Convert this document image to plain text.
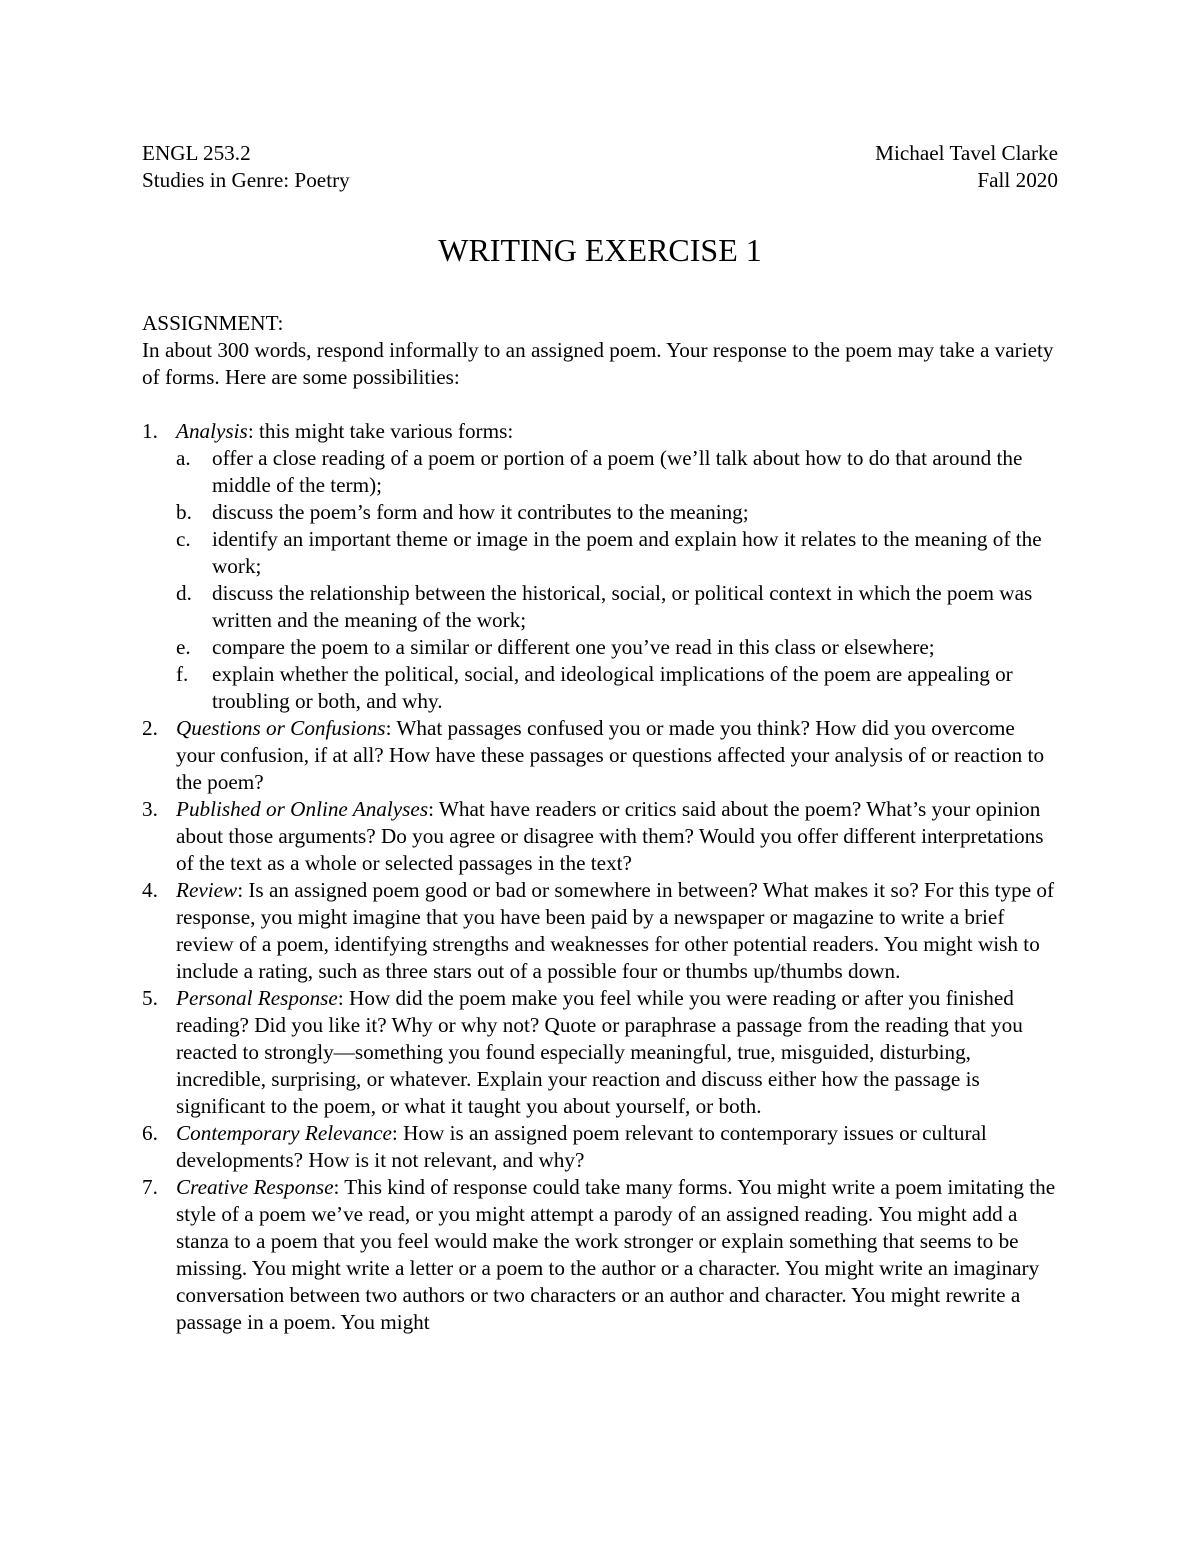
ENGL 253.2	Michael Tavel Clarke
Studies in Genre: Poetry	Fall 2020
WRITING EXERCISE 1

ASSIGNMENT:

In about 300 words, respond informally to an assigned poem. Your response to the poem may take a variety of forms. Here are some possibilities:

1. Analysis: this might take various forms:
a.	offer a close reading of a poem or portion of a poem (we’ll talk about how to do that around the middle of the term);
b. discuss the poem’s form and how it contributes to the meaning;
c.	identify an important theme or image in the poem and explain how it relates to the meaning of the work;
d. discuss the relationship between the historical, social, or political context in which the poem was written and the meaning of the work;
e.	compare the poem to a similar or different one you’ve read in this class or elsewhere;
f.	explain whether the political, social, and ideological implications of the poem are appealing or troubling or both, and why.
2. Questions or Confusions: What passages confused you or made you think? How did you overcome your confusion, if at all? How have these passages or questions affected your analysis of or reaction to the poem?
3. Published or Online Analyses: What have readers or critics said about the poem? What’s your opinion about those arguments? Do you agree or disagree with them? Would you offer different interpretations of the text as a whole or selected passages in the text?
4. Review: Is an assigned poem good or bad or somewhere in between? What makes it so? For this type of response, you might imagine that you have been paid by a newspaper or magazine to write a brief review of a poem, identifying strengths and weaknesses for other potential readers. You might wish to include a rating, such as three stars out of a possible four or thumbs up/thumbs down.
5. Personal Response: How did the poem make you feel while you were reading or after you finished reading? Did you like it? Why or why not? Quote or paraphrase a passage from the reading that you reacted to strongly—something you found especially meaningful, true, misguided, disturbing, incredible, surprising, or whatever. Explain your reaction and discuss either how the passage is significant to the poem, or what it taught you about yourself, or both.
6. Contemporary Relevance: How is an assigned poem relevant to contemporary issues or cultural developments? How is it not relevant, and why?
7. Creative Response: This kind of response could take many forms. You might write a poem imitating the style of a poem we’ve read, or you might attempt a parody of an assigned reading. You might add a stanza to a poem that you feel would make the work stronger or explain something that seems to be missing. You might write a letter or a poem to the author or a character. You might write an imaginary conversation between two authors or two characters or an author and character. You might rewrite a passage in a poem. You might
